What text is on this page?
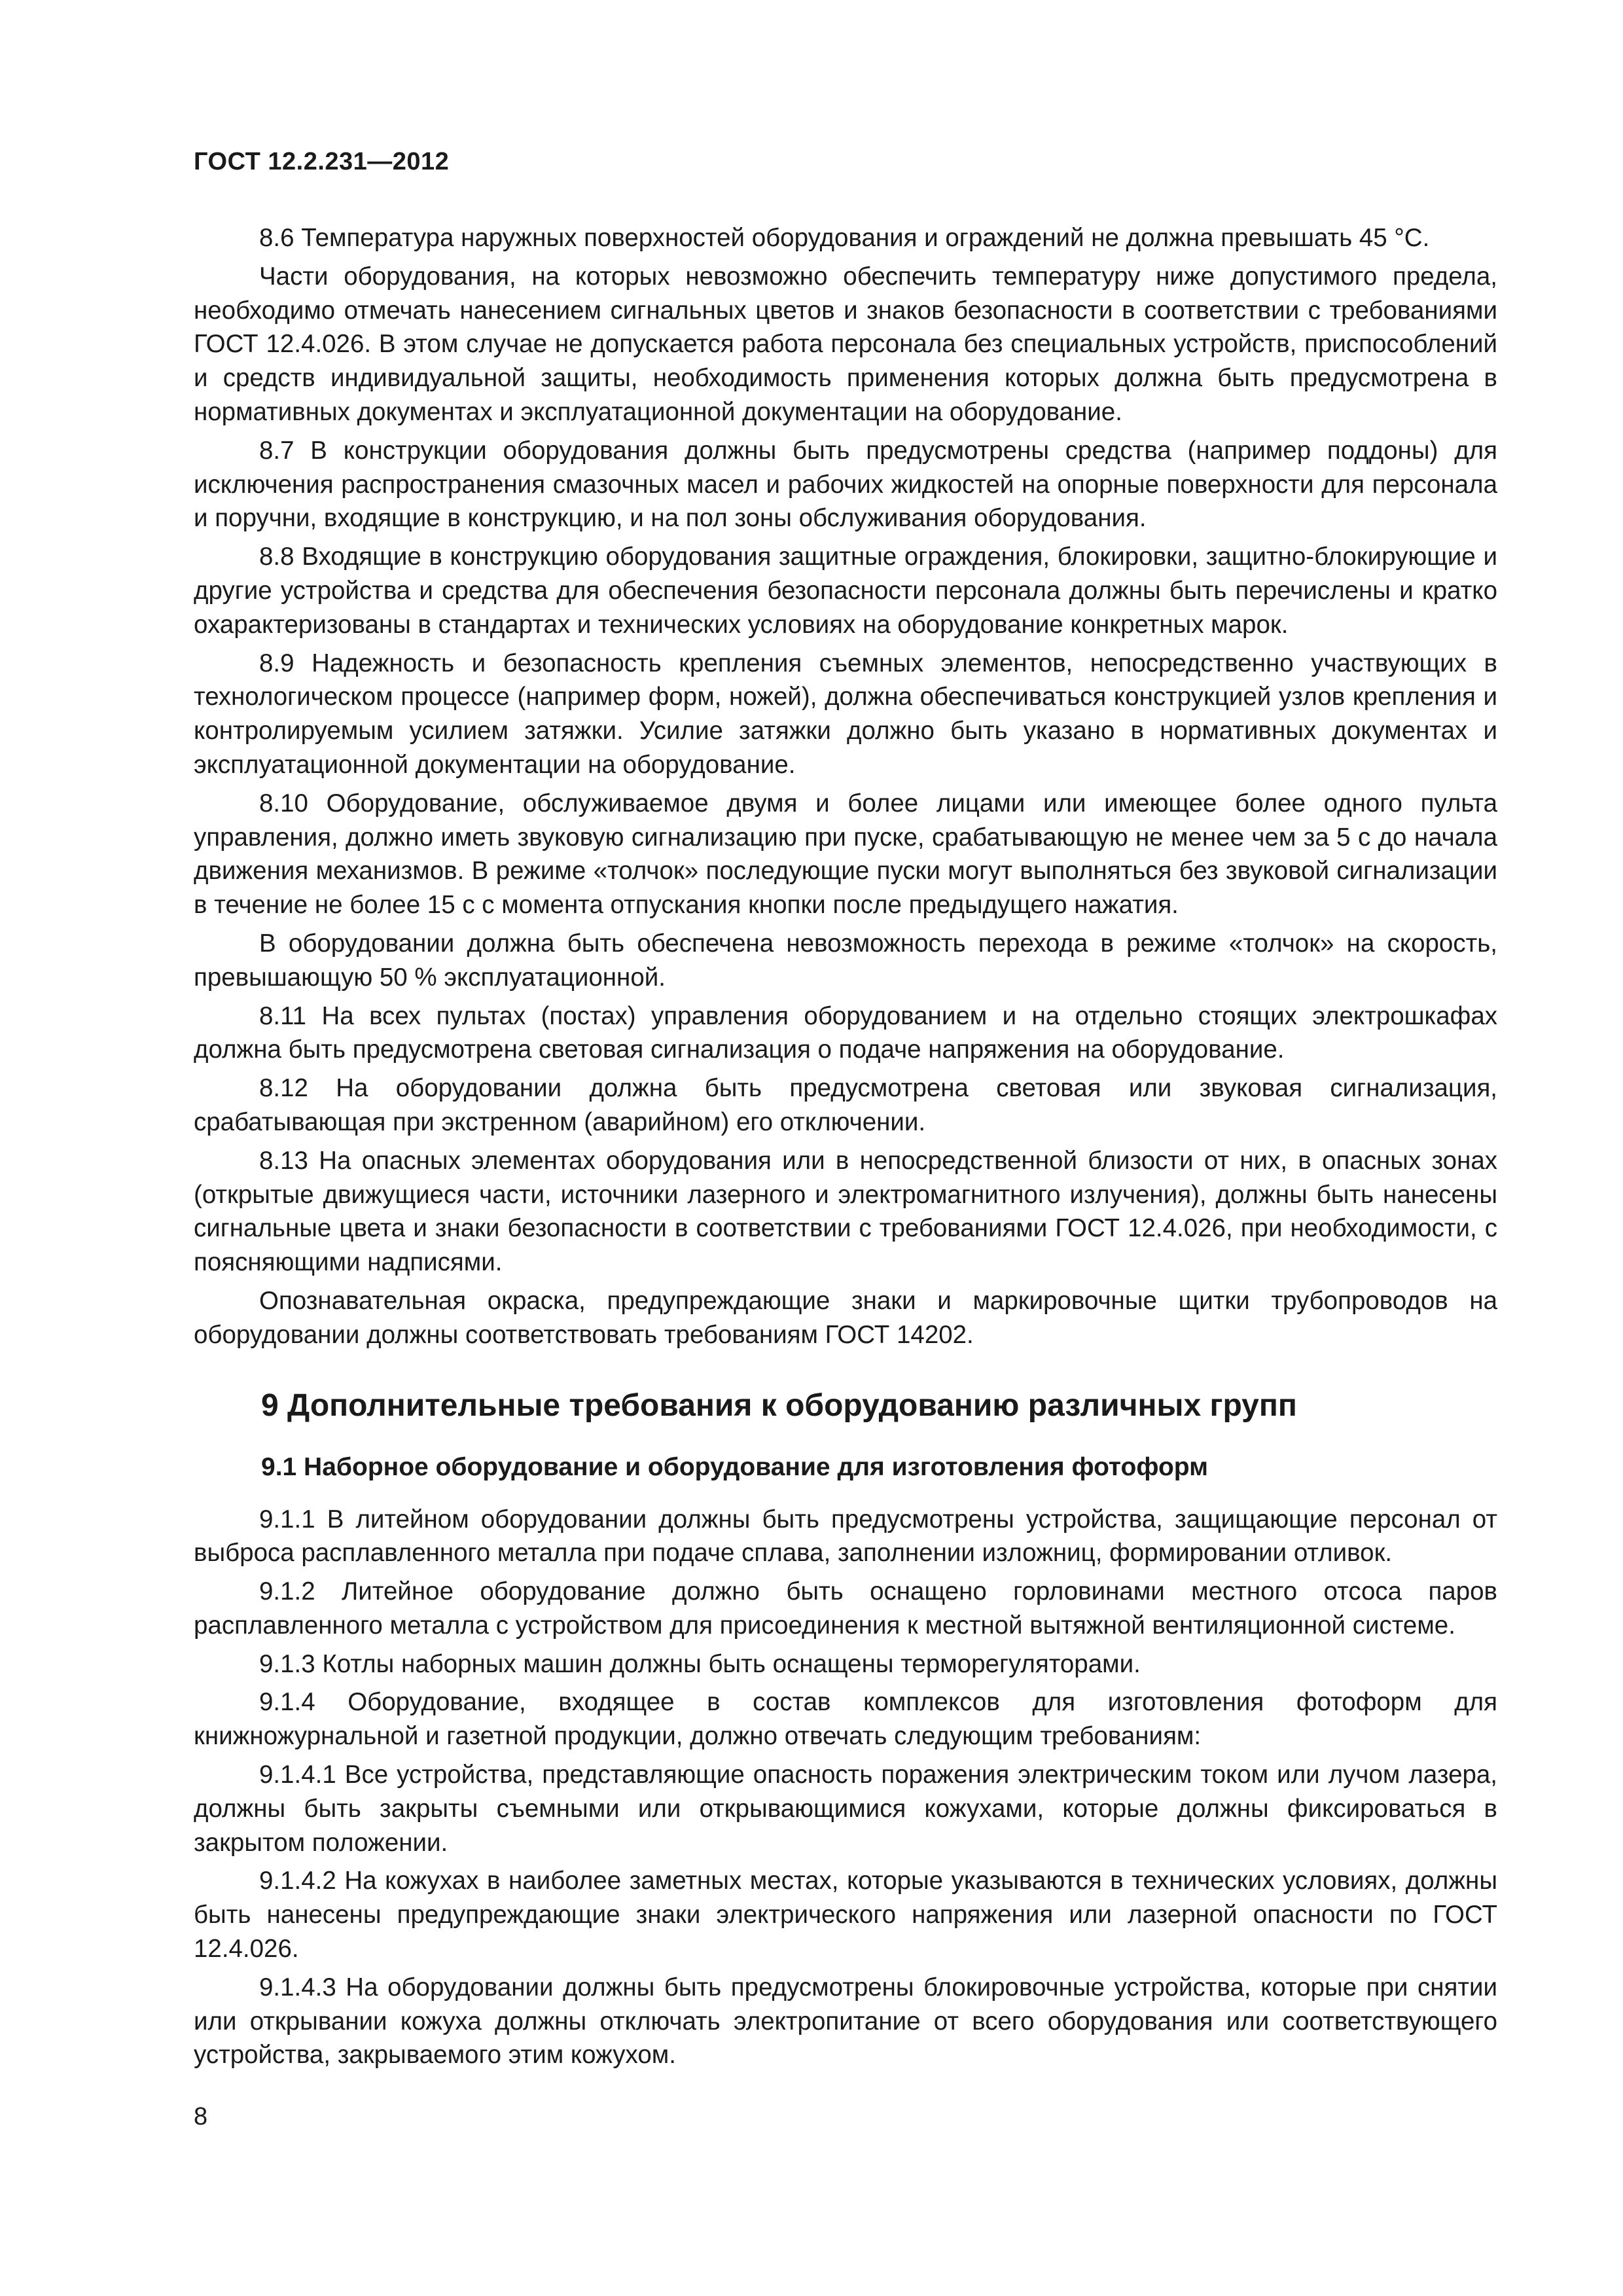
ГОСТ 12.2.231—2012

8.6 Температура наружных поверхностей оборудования и ограждений не должна превышать 45 °С.

Части оборудования, на которых невозможно обеспечить температуру ниже допустимого предела, необходимо отмечать нанесением сигнальных цветов и знаков безопасности в соответствии с требованиями ГОСТ 12.4.026. В этом случае не допускается работа персонала без специальных устройств, приспособлений и средств индивидуальной защиты, необходимость применения которых должна быть предусмотрена в нормативных документах и эксплуатационной документации на оборудование.

8.7 В конструкции оборудования должны быть предусмотрены средства (например поддоны) для исключения распространения смазочных масел и рабочих жидкостей на опорные поверхности для персонала и поручни, входящие в конструкцию, и на пол зоны обслуживания оборудования.

8.8 Входящие в конструкцию оборудования защитные ограждения, блокировки, защитно-блокирующие и другие устройства и средства для обеспечения безопасности персонала должны быть перечислены и кратко охарактеризованы в стандартах и технических условиях на оборудование конкретных марок.

8.9 Надежность и безопасность крепления съемных элементов, непосредственно участвующих в технологическом процессе (например форм, ножей), должна обеспечиваться конструкцией узлов крепления и контролируемым усилием затяжки. Усилие затяжки должно быть указано в нормативных документах и эксплуатационной документации на оборудование.

8.10 Оборудование, обслуживаемое двумя и более лицами или имеющее более одного пульта управления, должно иметь звуковую сигнализацию при пуске, срабатывающую не менее чем за 5 с до начала движения механизмов. В режиме «толчок» последующие пуски могут выполняться без звуковой сигнализации в течение не более 15 с с момента отпускания кнопки после предыдущего нажатия.

В оборудовании должна быть обеспечена невозможность перехода в режиме «толчок» на скорость, превышающую 50 % эксплуатационной.

8.11 На всех пультах (постах) управления оборудованием и на отдельно стоящих электрошкафах должна быть предусмотрена световая сигнализация о подаче напряжения на оборудование.

8.12 На оборудовании должна быть предусмотрена световая или звуковая сигнализация, срабатывающая при экстренном (аварийном) его отключении.

8.13 На опасных элементах оборудования или в непосредственной близости от них, в опасных зонах (открытые движущиеся части, источники лазерного и электромагнитного излучения), должны быть нанесены сигнальные цвета и знаки безопасности в соответствии с требованиями ГОСТ 12.4.026, при необходимости, с поясняющими надписями.

Опознавательная окраска, предупреждающие знаки и маркировочные щитки трубопроводов на оборудовании должны соответствовать требованиям ГОСТ 14202.

9 Дополнительные требования к оборудованию различных групп
9.1 Наборное оборудование и оборудование для изготовления фотоформ

9.1.1 В литейном оборудовании должны быть предусмотрены устройства, защищающие персонал от выброса расплавленного металла при подаче сплава, заполнении изложниц, формировании отливок.

9.1.2 Литейное оборудование должно быть оснащено горловинами местного отсоса паров расплавленного металла с устройством для присоединения к местной вытяжной вентиляционной системе.

9.1.3 Котлы наборных машин должны быть оснащены терморегуляторами.

9.1.4 Оборудование, входящее в состав комплексов для изготовления фотоформ для книжножурнальной и газетной продукции, должно отвечать следующим требованиям:

9.1.4.1 Все устройства, представляющие опасность поражения электрическим током или лучом лазера, должны быть закрыты съемными или открывающимися кожухами, которые должны фиксироваться в закрытом положении.

9.1.4.2 На кожухах в наиболее заметных местах, которые указываются в технических условиях, должны быть нанесены предупреждающие знаки электрического напряжения или лазерной опасности по ГОСТ 12.4.026.

9.1.4.3 На оборудовании должны быть предусмотрены блокировочные устройства, которые при снятии или открывании кожуха должны отключать электропитание от всего оборудования или соответствующего устройства, закрываемого этим кожухом.

8
